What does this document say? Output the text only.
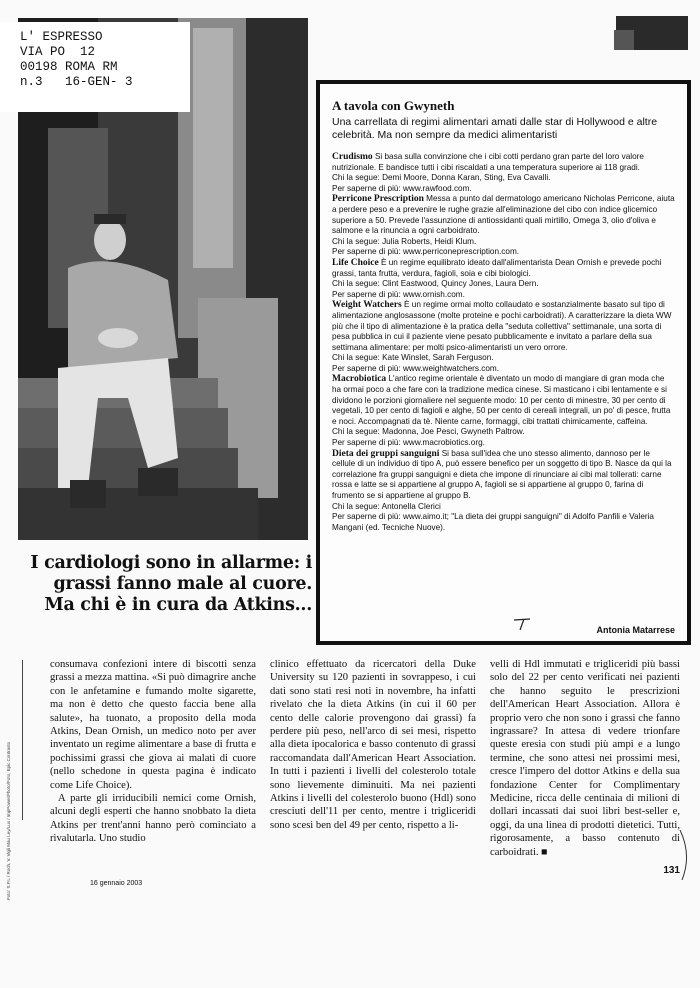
L' ESPRESSO
VIA PO  12
00198 ROMA RM
n.3   16-GEN- 3
A tavola con Gwyneth
Una carrellata di regimi alimentari amati dalle star di Hollywood e altre celebrità. Ma non sempre da medici alimentaristi

Crudismo Si basa sulla convinzione che i cibi cotti perdano gran parte del loro valore nutrizionale. E bandisce tutti i cibi riscaldati a una temperatura superiore ai 118 gradi.

Chi la segue: Demi Moore, Donna Karan, Sting, Eva Cavalli.

Per saperne di più: www.rawfood.com.

Perricone Prescription Messa a punto dal dermatologo americano Nicholas Perricone, aiuta a perdere peso e a prevenire le rughe grazie all'eliminazione del cibo con indice glicemico superiore a 50. Prevede l'assunzione di antiossidanti quali mirtillo, Omega 3, olio d'oliva e salmone e la rinuncia a ogni carboidrato.

Chi la segue: Julia Roberts, Heidi Klum.

Per saperne di più: www.perriconeprescription.com.

Life Choice È un regime equilibrato ideato dall'alimentarista Dean Ornish e prevede pochi grassi, tanta frutta, verdura, fagioli, soia e cibi biologici.

Chi la segue: Clint Eastwood, Quincy Jones, Laura Dern.

Per saperne di più: www.ornish.com.

Weight Watchers È un regime ormai molto collaudato e sostanzialmente basato sul tipo di alimentazione anglosassone (molte proteine e pochi carboidrati). A caratterizzare la dieta WW più che il tipo di alimentazione è la pratica della "seduta collettiva" settimanale, una sorta di pesa pubblica in cui il paziente viene pesato pubblicamente e invitato a parlare della sua settimana alimentare: per molti psico-alimentaristi un vero orrore.

Chi la segue: Kate Winslet, Sarah Ferguson.

Per saperne di più: www.weightwatchers.com.

Macrobiotica L'antico regime orientale è diventato un modo di mangiare di gran moda che ha ormai poco a che fare con la tradizione medica cinese. Si masticano i cibi lentamente e si dividono le porzioni giornaliere nel seguente modo: 10 per cento di minestre, 30 per cento di vegetali, 10 per cento di fagioli e alghe, 50 per cento di cereali integrali, un po' di pesce, frutta e noci. Accompagnati da tè. Niente carne, formaggi, cibi trattati chimicamente, caffeina.

Chi la segue: Madonna, Joe Pesci, Gwyneth Paltrow.

Per saperne di più: www.macrobiotics.org.

Dieta dei gruppi sanguigni Si basa sull'idea che uno stesso alimento, dannoso per le cellule di un individuo di tipo A, può essere benefico per un soggetto di tipo B. Nasce da qui la correlazione fra gruppi sanguigni e dieta che impone di rinunciare ai cibi mal tollerati: carne rossa e latte se si appartiene al gruppo A, fagioli se si appartiene al gruppo 0, farina di frumento se si appartiene al gruppo B.

Chi la segue: Antonella Clerici

Per saperne di più: www.aimo.it; "La dieta dei gruppi sanguigni" di Adolfo Panfili e Valeria Mangani (ed. Tecniche Nuove).

Antonia Matarrese
I cardiologi sono in allarme: i grassi fanno male al cuore. Ma chi è in cura da Atkins...
Foto: S.P.L / Roch, V. Vigli Mau Ley/Lux / ImpPower/Fhoto/Foto, Epic Contrasto

consumava confezioni intere di biscotti senza grassi a mezza mattina. «Si può dimagrire anche con le anfetamine e fumando molte sigarette, ma non è detto che questo faccia bene alla salute», ha tuonato, a proposito della moda Atkins, Dean Ornish, un medico noto per aver inventato un regime alimentare a base di frutta e pochissimi grassi che giova ai malati di cuore (nello schedone in questa pagina è indicato come Life Choice).

A parte gli irriducibili nemici come Ornish, alcuni degli esperti che hanno snobbato la dieta Atkins per trent'anni hanno però cominciato a rivalutarla. Uno studio

clinico effettuato da ricercatori della Duke University su 120 pazienti in sovrappeso, i cui dati sono stati resi noti in novembre, ha infatti rivelato che la dieta Atkins (in cui il 60 per cento delle calorie provengono dai grassi) fa perdere più peso, nell'arco di sei mesi, rispetto alla dieta ipocalorica e basso contenuto di grassi raccomandata dall'American Heart Association. In tutti i pazienti i livelli del colesterolo totale sono lievemente diminuiti. Ma nei pazienti Atkins i livelli del colesterolo buono (Hdl) sono cresciuti dell'11 per cento, mentre i trigliceridi sono scesi ben del 49 per cento, rispetto a li-

velli di Hdl immutati e trigliceridi più bassi solo del 22 per cento verificati nei pazienti che hanno seguito le prescrizioni dell'American Heart Association. Allora è proprio vero che non sono i grassi che fanno ingrassare? In attesa di vedere trionfare queste eresia con studi più ampi e a lungo termine, che sono attesi nei prossimi mesi, cresce l'impero del dottor Atkins e della sua fondazione Center for Complimentary Medicine, ricca delle centinaia di milioni di dollari incassati dai suoi libri best-seller e, oggi, da una linea di prodotti dietetici. Tutti, rigorosamente, a basso contenuto di carboidrati. ■

16 gennaio 2003
131
